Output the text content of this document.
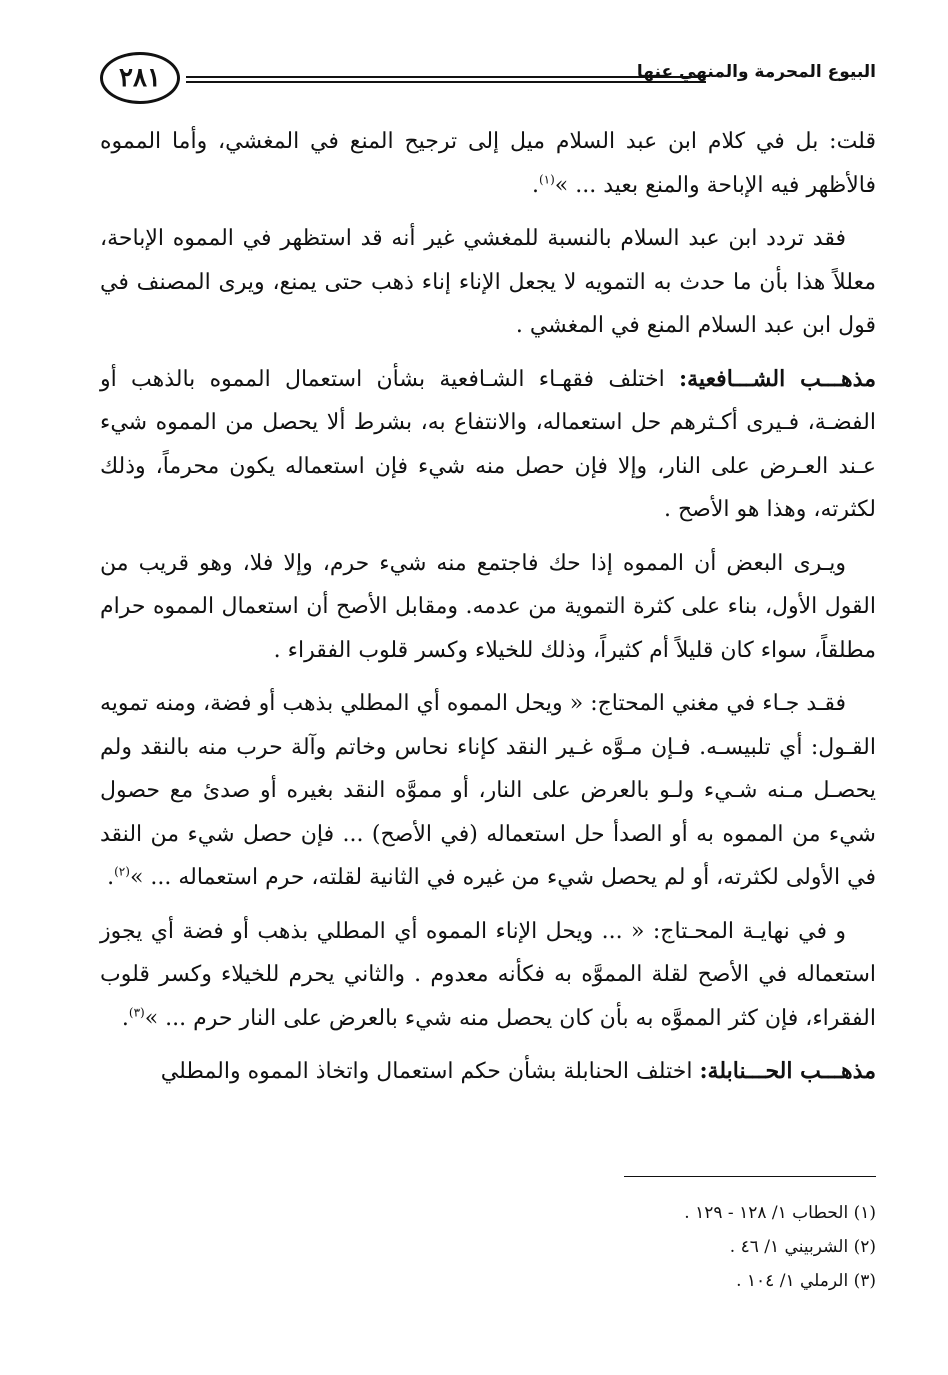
البيوع المحرمة والمنهي عنها
٢٨١

قلت: بل في كلام ابن عبد السلام ميل إلى ترجيح المنع في المغشي، وأما المموه فالأظهر فيه الإباحة والمنع بعيد ... »$^{(١)}$.

فقد تردد ابن عبد السلام بالنسبة للمغشي غير أنه قد استظهر في المموه الإباحة، معللاً هذا بأن ما حدث به التمويه لا يجعل الإناء إناء ذهب حتى يمنع، ويرى المصنف في قول ابن عبد السلام المنع في المغشي .

مذهـــب الشـــافعية: اختلف فقهـاء الشـافعية بشأن استعمال المموه بالذهب أو الفضـة، فـيرى أكـثرهم حل استعماله، والانتفاع به، بشرط ألا يحصل من المموه شيء عـند العـرض على النار، وإلا فإن حصل منه شيء فإن استعماله يكون محرماً، وذلك لكثرته، وهذا هو الأصح .

ويـرى البعض أن المموه إذا حك فاجتمع منه شيء حرم، وإلا فلا، وهو قريب من القول الأول، بناء على كثرة التموية من عدمه. ومقابل الأصح أن استعمال المموه حرام مطلقاً، سواء كان قليلاً أم كثيراً، وذلك للخيلاء وكسر قلوب الفقراء .

فقـد جـاء في مغني المحتاج: « ويحل المموه أي المطلي بذهب أو فضة، ومنه تمويه القـول: أي تلبيسـه. فـإن مـوَّه غـير النقد كإناء نحاس وخاتم وآلة حرب منه بالنقد ولم يحصـل مـنه شـيء ولـو بالعرض على النار، أو مموَّه النقد بغيره أو صدئ مع حصول شيء من المموه به أو الصدأ حل استعماله (في الأصح) ... فإن حصل شيء من النقد في الأولى لكثرته، أو لم يحصل شيء من غيره في الثانية لقلته، حرم استعماله ... »$^{(٢)}$.

و في نهايـة المحـتاج: « ... ويحل الإناء المموه أي المطلي بذهب أو فضة أي يجوز استعماله في الأصح لقلة المموَّه به فكأنه معدوم . والثاني يحرم للخيلاء وكسر قلوب الفقراء، فإن كثر المموَّه به بأن كان يحصل منه شيء بالعرض على النار حرم ... »$^{(٣)}$.

مذهـــب الحـــنابلة: اختلف الحنابلة بشأن حكم استعمال واتخاذ المموه والمطلي

(١) الحطاب ١/ ١٢٨ - ١٢٩ .

(٢) الشربيني ١/ ٤٦ .

(٣) الرملي ١/ ١٠٤ .
